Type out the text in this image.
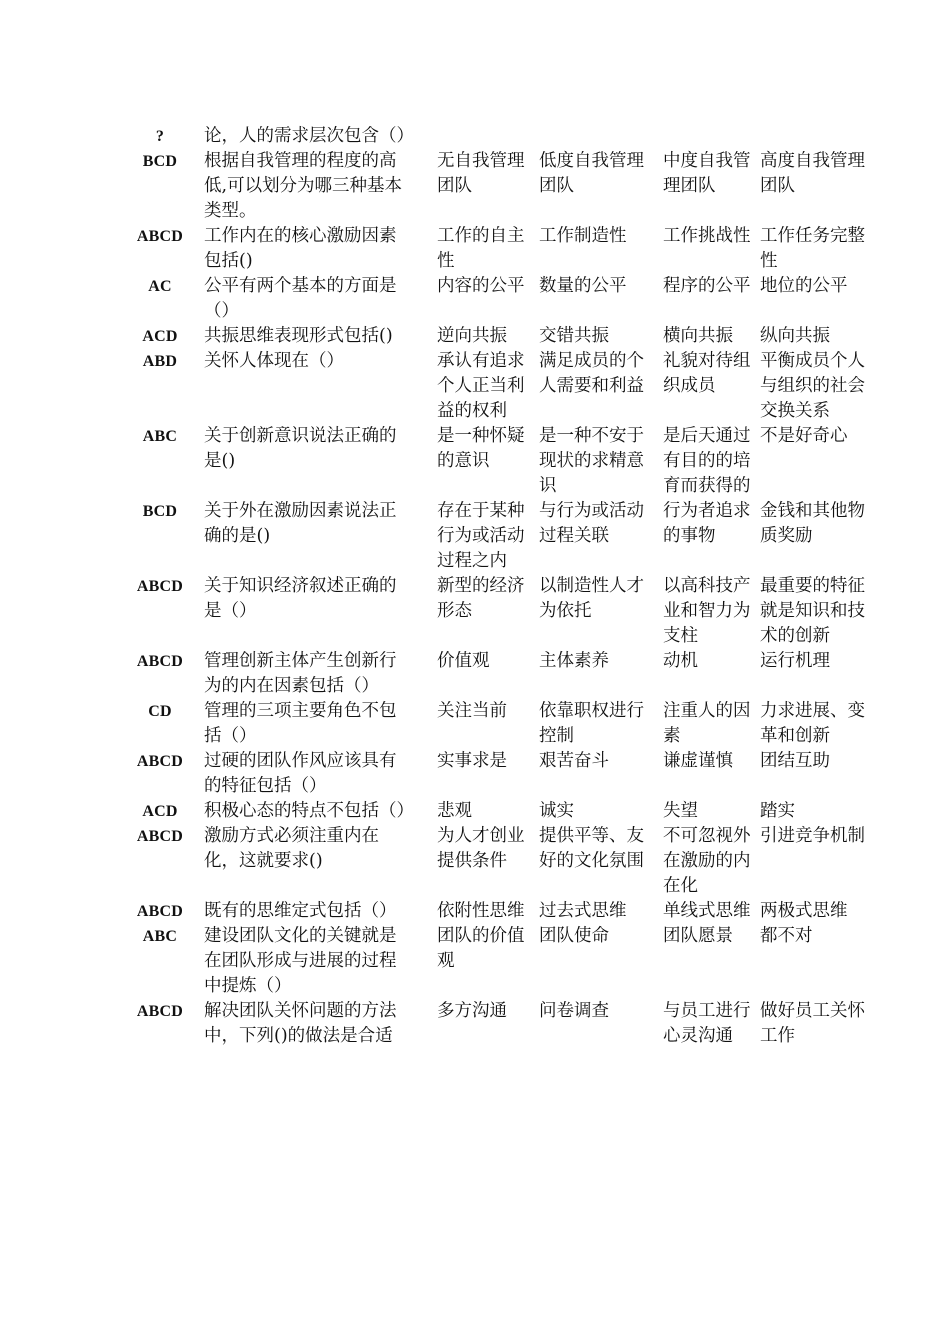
?	论，人的需求层次包含（）				
BCD	根据自我管理的程度的高低,可以划分为哪三种基本类型。	无自我管理团队	低度自我管理团队	中度自我管理团队	高度自我管理团队
ABCD	工作内在的核心激励因素包括()	工作的自主性	工作制造性	工作挑战性	工作任务完整性
AC	公平有两个基本的方面是（）	内容的公平	数量的公平	程序的公平	地位的公平
ACD	共振思维表现形式包括()	逆向共振	交错共振	横向共振	纵向共振
ABD	关怀人体现在（）	承认有追求个人正当利益的权利	满足成员的个人需要和利益	礼貌对待组织成员	平衡成员个人与组织的社会交换关系
ABC	关于创新意识说法正确的是()	是一种怀疑的意识	是一种不安于现状的求精意识	是后天通过有目的的培育而获得的	不是好奇心
BCD	关于外在激励因素说法正确的是()	存在于某种行为或活动过程之内	与行为或活动过程关联	行为者追求的事物	金钱和其他物质奖励
ABCD	关于知识经济叙述正确的是（）	新型的经济形态	以制造性人才为依托	以高科技产业和智力为支柱	最重要的特征就是知识和技术的创新
ABCD	管理创新主体产生创新行为的内在因素包括（）	价值观	主体素养	动机	运行机理
CD	管理的三项主要角色不包括（）	关注当前	依靠职权进行控制	注重人的因素	力求进展、变革和创新
ABCD	过硬的团队作风应该具有的特征包括（）	实事求是	艰苦奋斗	谦虚谨慎	团结互助
ACD	积极心态的特点不包括（）	悲观	诚实	失望	踏实
ABCD	激励方式必须注重内在化，这就要求()	为人才创业提供条件	提供平等、友好的文化氛围	不可忽视外在激励的内在化	引进竞争机制
ABCD	既有的思维定式包括（）	依附性思维	过去式思维	单线式思维	两极式思维
ABC	建设团队文化的关键就是在团队形成与进展的过程中提炼（）	团队的价值观	团队使命	团队愿景	都不对
ABCD	解决团队关怀问题的方法中，下列()的做法是合适	多方沟通	问卷调查	与员工进行心灵沟通	做好员工关怀工作
